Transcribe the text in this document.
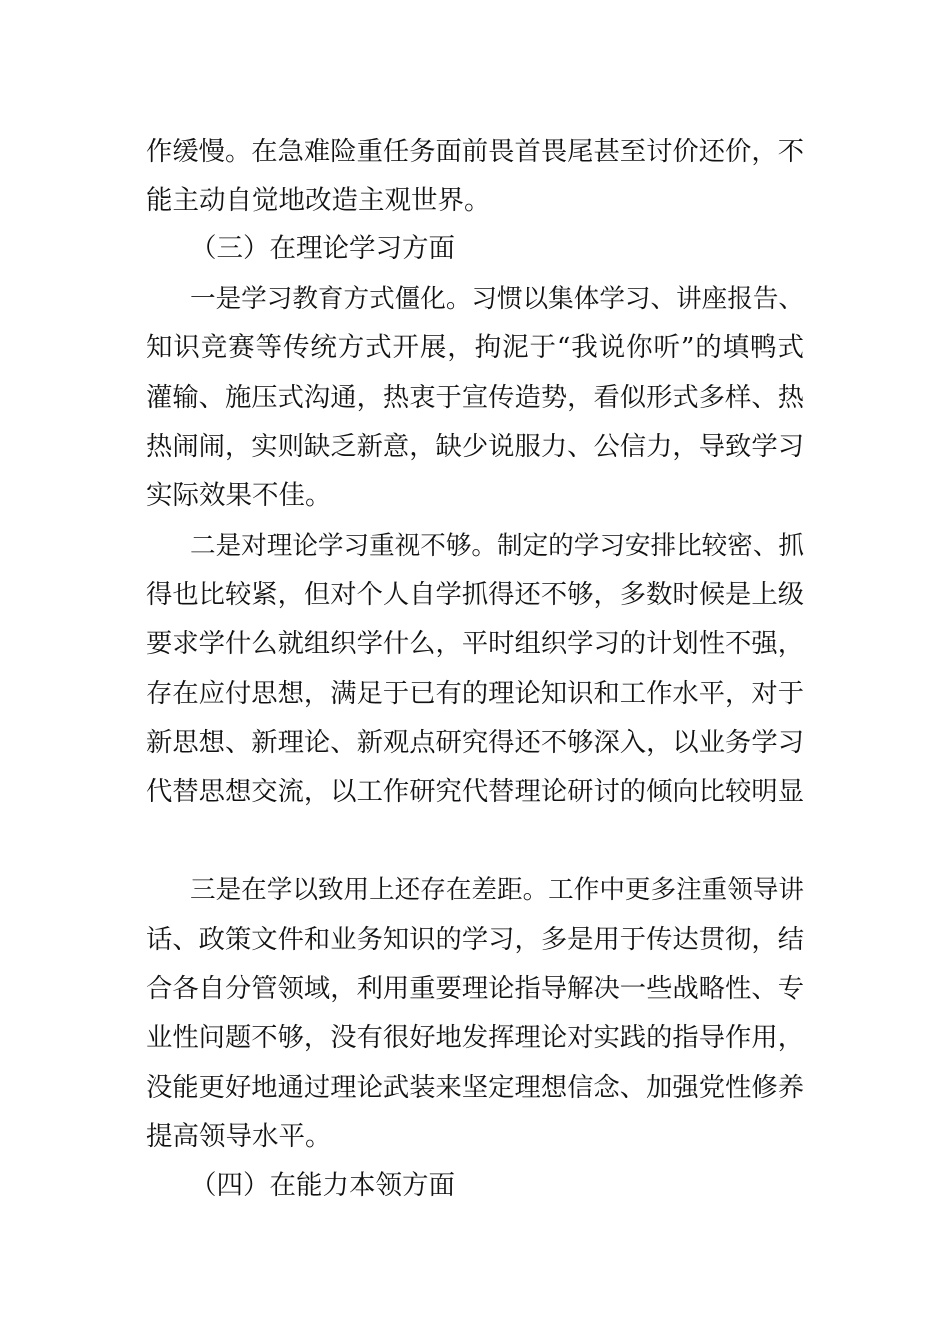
作缓慢。在急难险重任务面前畏首畏尾甚至讨价还价，不
能主动自觉地改造主观世界。
（三）在理论学习方面
一是学习教育方式僵化。习惯以集体学习、讲座报告、
知识竞赛等传统方式开展，拘泥于“我说你听”的填鸭式
灌输、施压式沟通，热衷于宣传造势，看似形式多样、热
热闹闹，实则缺乏新意，缺少说服力、公信力，导致学习
实际效果不佳。
二是对理论学习重视不够。制定的学习安排比较密、抓
得也比较紧，但对个人自学抓得还不够，多数时候是上级
要求学什么就组织学什么，平时组织学习的计划性不强，
存在应付思想，满足于已有的理论知识和工作水平，对于
新思想、新理论、新观点研究得还不够深入，以业务学习
代替思想交流，以工作研究代替理论研讨的倾向比较明显
三是在学以致用上还存在差距。工作中更多注重领导讲
话、政策文件和业务知识的学习，多是用于传达贯彻，结
合各自分管领域，利用重要理论指导解决一些战略性、专
业性问题不够，没有很好地发挥理论对实践的指导作用，
没能更好地通过理论武装来坚定理想信念、加强党性修养
提高领导水平。
（四）在能力本领方面
